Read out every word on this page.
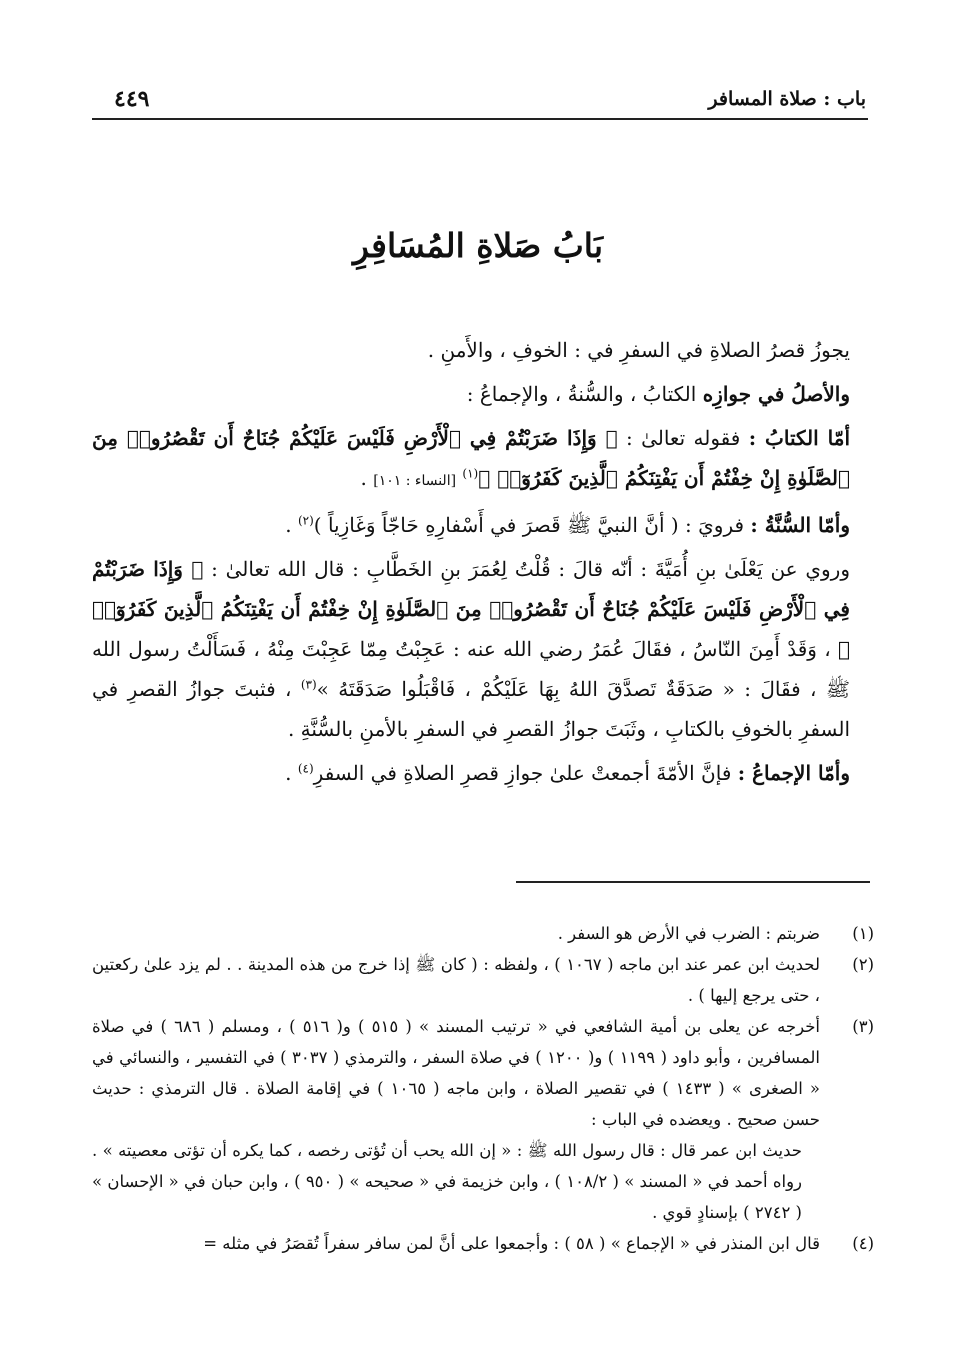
٤٤٩	باب : صلاة المسافر
بَابُ صَلاةِ المُسَافِرِ

يجوزُ قصرُ الصلاةِ في السفرِ في : الخوفِ ، والأَمنِ .

والأصلُ في جوازِه الكتابُ ، والسُّنةُ ، والإجماعُ :

أمّا الكتابُ : فقوله تعالىٰ : ﴿ وَإِذَا ضَرَبْتُمْ فِي ٱلْأَرْضِ فَلَيْسَ عَلَيْكُمْ جُنَاحٌ أَن تَقْصُرُوا۟ مِنَ ٱلصَّلَوٰةِ إِنْ خِفْتُمْ أَن يَفْتِنَكُمُ ٱلَّذِينَ كَفَرُوٓا۟ ﴾$^{(١)}$ [النساء : ١٠١] .

وأمّا السُّنَّةُ : فرويَ : ( أنَّ النبيَّ ﷺ قَصرَ في أَسْفارِهِ حَاجّاً وَغَازِياً )$^{(٢)}$ .

وروي عن يَعْلَىٰ بنِ أُمَيَّةَ : أنّه قالَ : قُلْتُ لِعُمَرَ بنِ الخَطَّابِ : قال الله تعالىٰ : ﴿ وَإِذَا ضَرَبْتُمْ فِي ٱلْأَرْضِ فَلَيْسَ عَلَيْكُمْ جُنَاحٌ أَن تَقْصُرُوا۟ مِنَ ٱلصَّلَوٰةِ إِنْ خِفْتُمْ أَن يَفْتِنَكُمُ ٱلَّذِينَ كَفَرُوٓا۟ ﴾ ، وَقَدْ أَمِنَ النّاسُ ، فقَالَ عُمَرُ رضي الله عنه : عَجِبْتُ مِمّا عَجِبْتَ مِنْهُ ، فَسَأَلْتُ رسول الله ﷺ ، فقَالَ : « صَدَقَةٌ تَصدَّقَ اللهُ بِهَا عَلَيْكُمْ ، فَاقْبَلُوا صَدَقَتَهُ »$^{(٣)}$ ، فثبتَ جوازُ القصرِ في السفرِ بالخوفِ بالكتابِ ، وثَبَتَ جوازُ القصرِ في السفرِ بالأمنِ بالسُّنَّةِ .

وأمّا الإجماعُ : فإنَّ الأمّةَ أجمعتْ علىٰ جوازِ قصرِ الصلاةِ في السفرِ$^{(٤)}$ .

(١)
ضربتم : الضرب في الأرض هو السفر .
(٢)
لحديث ابن عمر عند ابن ماجه ( ١٠٦٧ ) ، ولفظه : ( كان ﷺ إذا خرج من هذه المدينة . . لم يزد علىٰ ركعتين ، حتى يرجع إليها ) .
(٣)
أخرجه عن يعلى بن أمية الشافعي في « ترتيب المسند » ( ٥١٥ ) و( ٥١٦ ) ، ومسلم ( ٦٨٦ ) في صلاة المسافرين ، وأبو داود ( ١١٩٩ ) و( ١٢٠٠ ) في صلاة السفر ، والترمذي ( ٣٠٣٧ ) في التفسير ، والنسائي في « الصغرى » ( ١٤٣٣ ) في تقصير الصلاة ، وابن ماجه ( ١٠٦٥ ) في إقامة الصلاة . قال الترمذي : حديث حسن صحيح . ويعضده في الباب :
حديث ابن عمر قال : قال رسول الله ﷺ : « إن الله يحب أن تُؤتى رخصه ، كما يكره أن تؤتى معصيته » . رواه أحمد في « المسند » ( ١٠٨/٢ ) ، وابن خزيمة في « صحيحه » ( ٩٥٠ ) ، وابن حبان في « الإحسان » ( ٢٧٤٢ ) بإسنادٍ قوي .
(٤)
قال ابن المنذر في « الإجماع » ( ٥٨ ) : وأجمعوا على أنَّ لمن سافر سفراً تُقصَرُ في مثله =
